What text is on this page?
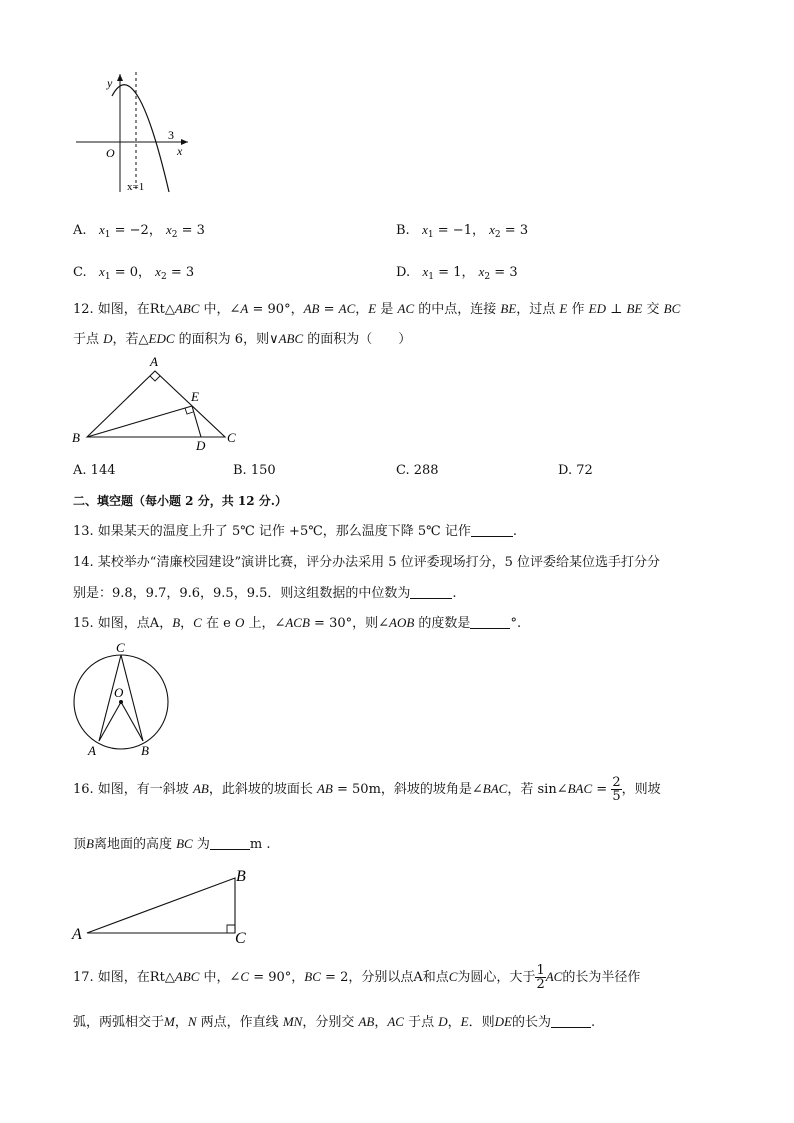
y
x
O
3
x=1
A. $x_1 = -2$， $x_2 = 3$	B. $x_1 = -1$， $x_2 = 3$
C. $x_1 = 0$， $x_2 = 3$	D. $x_1 = 1$， $x_2 = 3$
12. 如图，在Rt△ABC 中，∠A = 90°，AB = AC，E 是 AC 的中点，连接 BE，过点 E 作 ED ⊥ BE 交 BC
于点 D，若△EDC 的面积为 6，则∨ABC 的面积为（　　）
A
B	C
D
E
A. 144	B. 150	C. 288	D. 72
二、填空题（每小题 2 分，共 12 分.）
13. 如果某天的温度上升了 5℃ 记作 +5℃，那么温度下降 5℃ 记作	.
14. 某校举办“清廉校园建设”演讲比赛，评分办法采用 5 位评委现场打分，5 位评委给某位选手打分分
别是：9.8，9.7，9.6，9.5，9.5．则这组数据的中位数为	.
15. 如图，点A，B，C 在 e O 上，∠ACB = 30°，则∠AOB 的度数是	°.
C
O
A	B
16. 如图，有一斜坡 AB，此斜坡的坡面长 AB = 50m，斜坡的坡角是∠BAC，若 sin∠BAC = $\frac{2}{5}$ ，则坡
顶B离地面的高度 BC 为	m .
A
B
C
17. 如图，在Rt△ABC 中，∠C = 90°，BC = 2，分别以点A和点C为圆心，大于 $\frac{1}{2}$ AC的长为半径作
弧，两弧相交于M，N 两点，作直线 MN，分别交 AB，AC 于点 D，E．则DE的长为	.
